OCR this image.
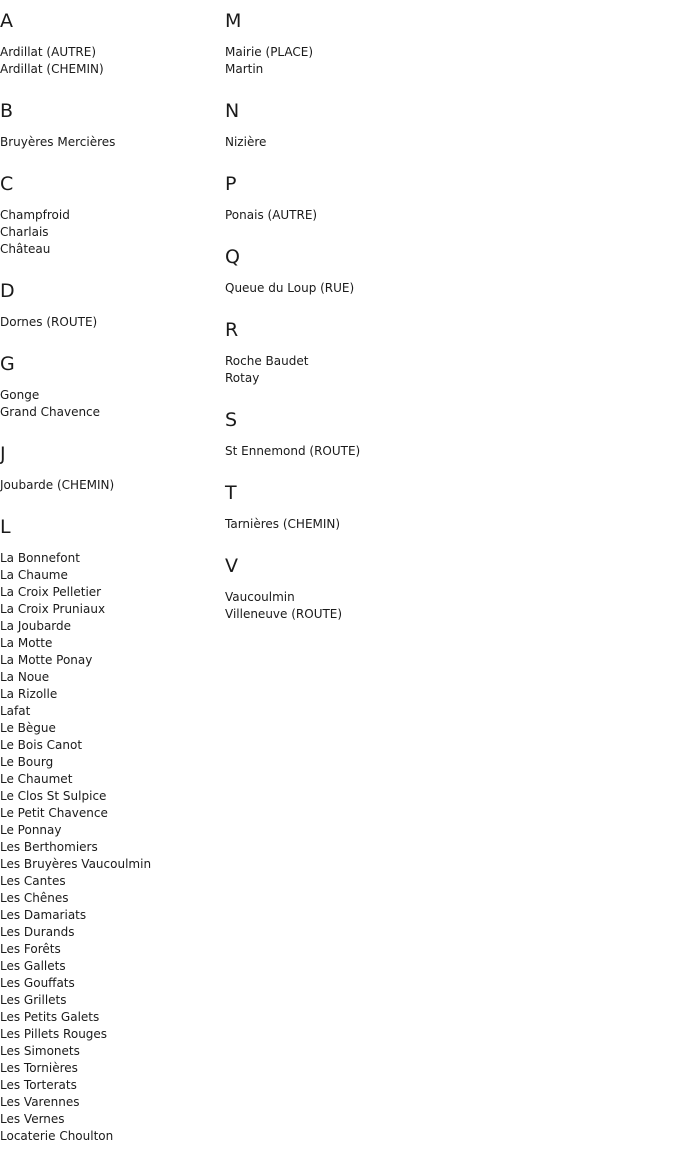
A
Ardillat (AUTRE)
Ardillat (CHEMIN)
B
Bruyères Mercières
C
Champfroid
Charlais
Château
D
Dornes (ROUTE)
G
Gonge
Grand Chavence
J
Joubarde (CHEMIN)
L
La Bonnefont
La Chaume
La Croix Pelletier
La Croix Pruniaux
La Joubarde
La Motte
La Motte Ponay
La Noue
La Rizolle
Lafat
Le Bègue
Le Bois Canot
Le Bourg
Le Chaumet
Le Clos St Sulpice
Le Petit Chavence
Le Ponnay
Les Berthomiers
Les Bruyères Vaucoulmin
Les Cantes
Les Chênes
Les Damariats
Les Durands
Les Forêts
Les Gallets
Les Gouffats
Les Grillets
Les Petits Galets
Les Pillets Rouges
Les Simonets
Les Tornières
Les Torterats
Les Varennes
Les Vernes
Locaterie Choulton
M
Mairie (PLACE)
Martin
N
Nizière
P
Ponais (AUTRE)
Q
Queue du Loup (RUE)
R
Roche Baudet
Rotay
S
St Ennemond (ROUTE)
T
Tarnières (CHEMIN)
V
Vaucoulmin
Villeneuve (ROUTE)
